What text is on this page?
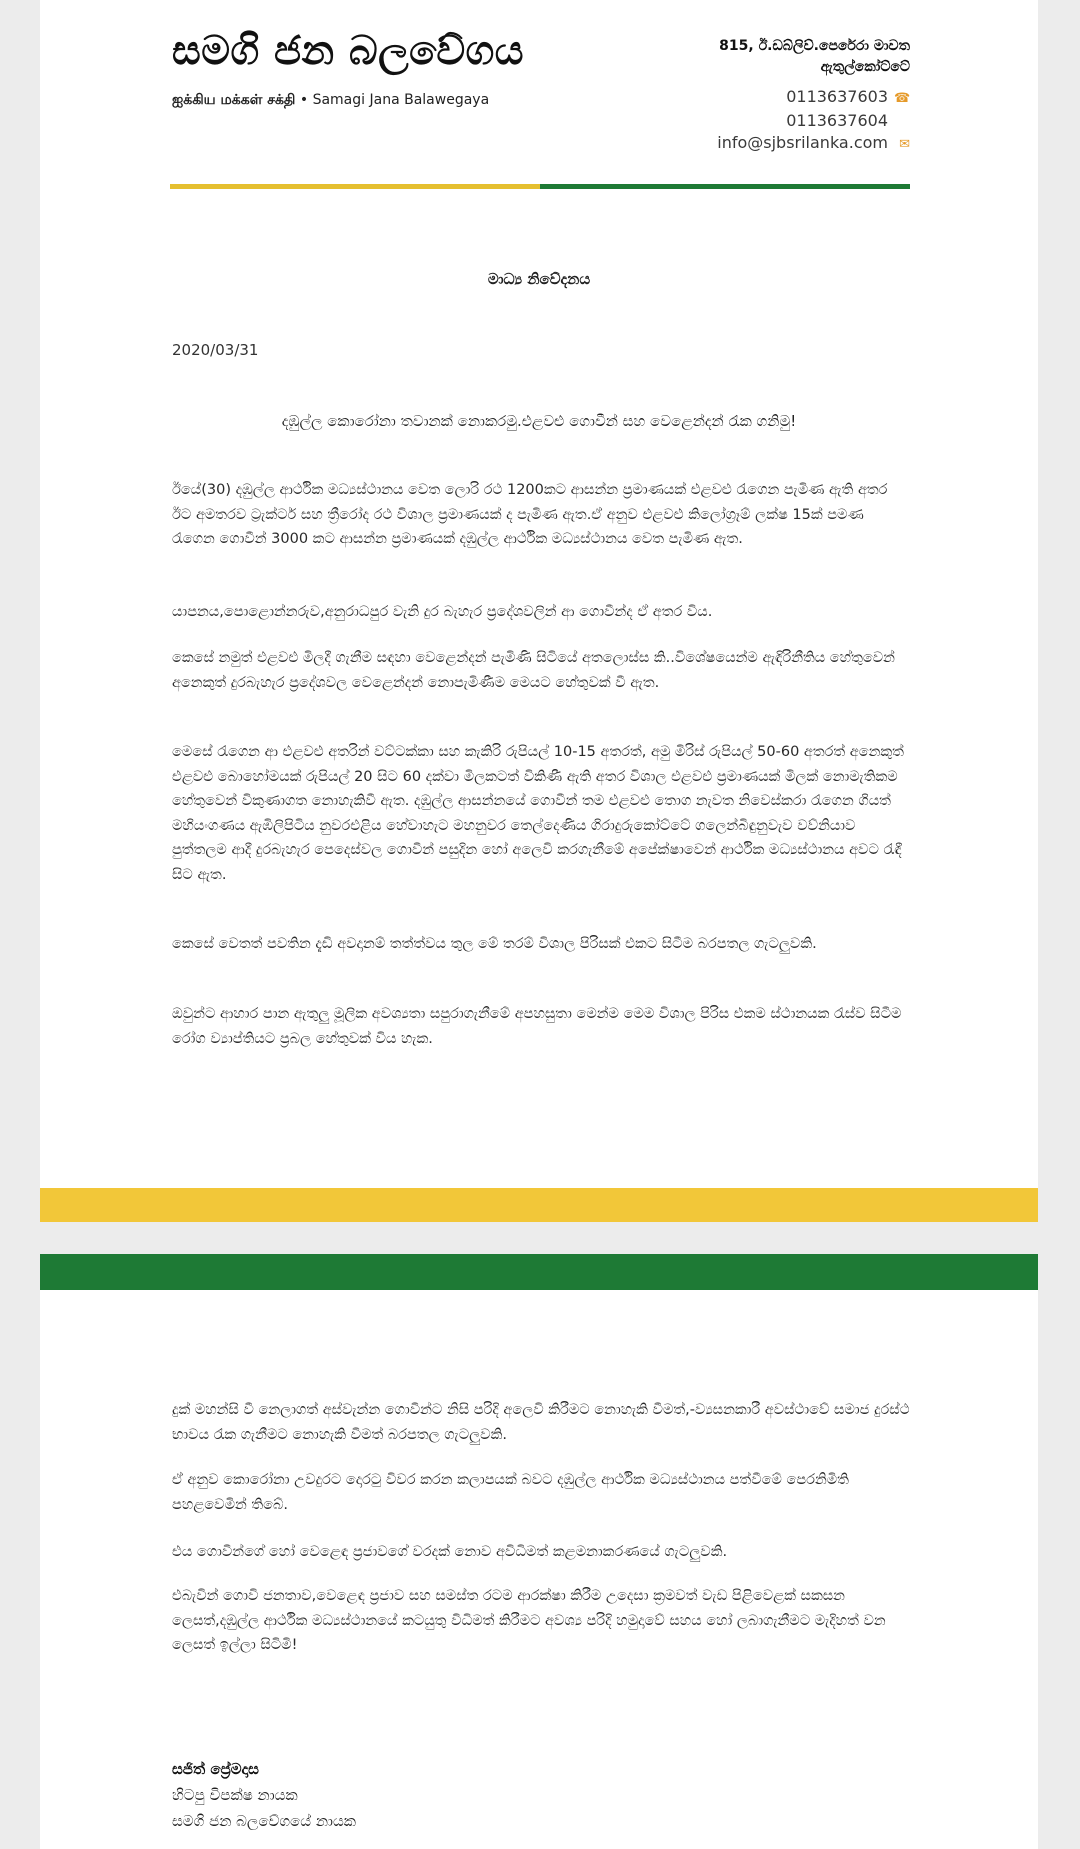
සමගි ජන බලවේගය
ஐக்கிய மக்கள் சக்தி • Samagi Jana Balawegaya
815, ඊ.ඩබ්ලිව්.පෙරේරා මාවත
ඇතුල්කෝට්ටේ
0113637603 ☎
0113637604
info@sjbsrilanka.com ✉
මාධ්‍ය නිවේදනය
2020/03/31
දඹුල්ල කොරෝනා තවානක් නොකරමු.එළවළු ගොවීන් සහ වෙළෙන්දන් රැක ගනිමු!

ඊයේ(30) දඹුල්ල ආර්ථික මධ්‍යස්ථානය වෙත ලොරි රථ 1200කට ආසන්න ප්‍රමාණයක් එළවළු රැගෙන පැමිණ ඇති අතර ඊට අමතරව ට්‍රැක්ටර් සහ ත්‍රීරෝද රථ විශාල ප්‍රමාණයක් ද පැමිණ ඇත.ඒ අනුව එළවළු කිලෝග්‍රෑම් ලක්ෂ 15ක් පමණ රැගෙන ගොවීන් 3000 කට ආසන්න ප්‍රමාණයක් දඹුල්ල ආර්ථික මධ්‍යස්ථානය වෙත පැමිණ ඇත.

යාපනය,පොළොන්නරුව,අනුරාධපුර වැනි දුර බැහැර ප්‍රදේශවලින් ආ ගොවීන්ද ඒ අතර විය.

කෙසේ නමුත් එළවළු මිලදී ගැනීම සඳහා වෙළෙන්දන් පැමිණි සිටියේ අතලොස්ස කි..විශේෂයෙන්ම ඇඳිරිනීතිය හේතුවෙන් අනෙකුත් දුරබැහැර ප්‍රදේශවල වෙළෙන්දන් නොපැමිණීම මෙයට හේතුවක් වී ඇත.

මෙසේ රැගෙන ආ එළවළු අතරින් වට්ටක්කා සහ කැකිරි රුපියල් 10-15 අතරත්, අමු මිරිස් රුපියල් 50-60 අතරත් අනෙකුත් එළවළු බොහෝමයක් රුපියල් 20 සිට 60 දක්වා මිලකටත් විකිණී ඇති අතර විශාල එළවළු ප්‍රමාණයක් මිලක් නොමැතිකම හේතුවෙන් විකුණාගත නොහැකිවී ඇත. දඹුල්ල ආසන්නයේ ගොවීන් තම එළවළු තොග නැවත නිවෙස්කරා රැගෙන ගියත් මහියංගණය ඇඹිලිපිටිය නුවරඑළිය හේවාහැට මහනුවර තෙල්දෙණිය ගිරාදුරුකෝට්ටේ ගලෙන්බිඳුනුවැව වව්නියාව පුත්තලම ආදී දුරබැහැර පෙදෙස්වල ගොවීන් පසුදින හෝ අලෙවි කරගැනීමේ අපේක්ෂාවෙන් ආර්ථික මධ්‍යස්ථානය අවට රැඳී සිට ඇත.

කෙසේ වෙතත් පවතින දැඩි අවදානම් තත්ත්වය තුල මේ තරම් විශාල පිරිසක් එකට සිටීම බරපතල ගැටලුවකි.

ඔවුන්ට ආහාර පාන ඇතුලු මූලික අවශ්‍යතා සපුරාගැනීමේ අපහසුතා මෙන්ම මෙම විශාල පිරිස එකම ස්ථානයක රැස්ව සිටීම රෝග ව්‍යාප්තියට ප්‍රබල හේතුවක් විය හැක.

දුක් මහන්සි වී නෙලාගත් අස්වැන්න ගොවීන්ට නිසි පරිදි අලෙවි කිරීමට නොහැකි වීමත්,-ව්‍යසනකාරී අවස්ථාවේ සමාජ දුරස්ථ භාවය රැක ගැනීමට නොහැකි වීමත් බරපතල ගැටලුවකි.

ඒ අනුව කොරෝනා උවදුරට දොරටු විවර කරන කලාපයක් බවට දඹුල්ල ආර්ථික මධ්‍යස්ථානය පත්වීමේ පෙරනිමිති පහළවෙමින් තිබේ.

එය ගොවීන්ගේ හෝ වෙළෙඳ ප්‍රජාවගේ වරදක් නොව අවිධිමත් කළමනාකරණයේ ගැටලුවකි.

එබැවින් ගොවි ජනතාව,වෙළෙඳ ප්‍රජාව සහ සමස්ත රටම ආරක්ෂා කිරීම උදෙසා ක්‍රමවත් වැඩ පිළිවෙළක් සකසන ලෙසත්,දඹුල්ල ආර්ථික මධ්‍යස්ථානයේ කටයුතු විධිමත් කිරීමට අවශ්‍ය පරිදි හමුදාවේ සහය හෝ ලබාගැනීමට මැදිහත් වන ලෙසත් ඉල්ලා සිටිමි!

සජිත් ප්‍රේමදාස
හිටපු විපක්ෂ නායක
සමගි ජන බලවේගයේ නායක
